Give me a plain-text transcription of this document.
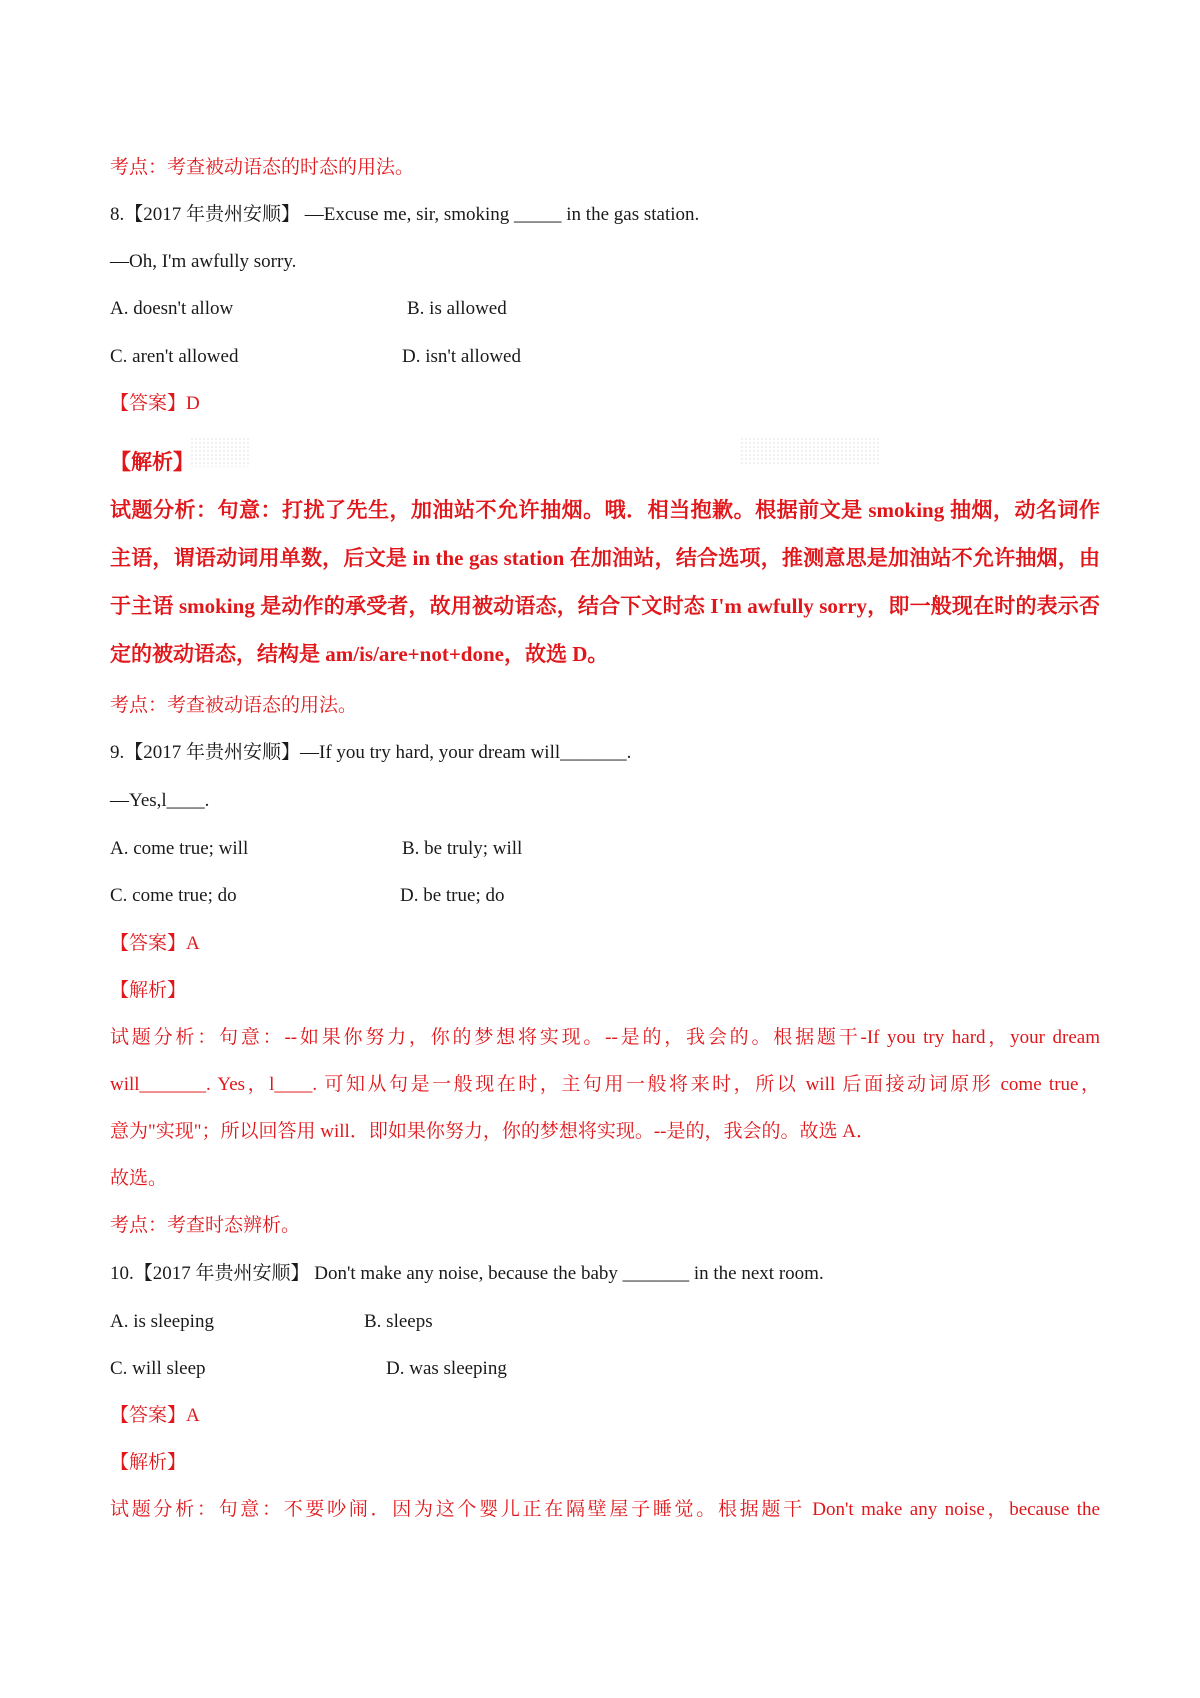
考点：考查被动语态的时态的用法。
8.【2017 年贵州安顺】 —Excuse me, sir, smoking _____ in the gas station.
—Oh, I'm awfully sorry.
A. doesn't allow	B. is allowed
C. aren't allowed	D. isn't allowed
【答案】D
【解析】
试题分析：句意：打扰了先生，加油站不允许抽烟。哦．相当抱歉。根据前文是 smoking 抽烟，动名词作
主语，谓语动词用单数，后文是 in the gas station 在加油站，结合选项，推测意思是加油站不允许抽烟，由
于主语 smoking 是动作的承受者，故用被动语态，结合下文时态 I'm awfully sorry，即一般现在时的表示否
定的被动语态，结构是 am/is/are+not+done，故选 D。
考点：考查被动语态的用法。
9.【2017 年贵州安顺】—If you try hard, your dream will_______.
—Yes,l____.
A. come true; will	B. be truly; will
C. come true; do	D. be true; do
【答案】A
【解析】
试题分析：句意：--如果你努力，你的梦想将实现。--是的，我会的。根据题干-If you try hard，your dream
will_______. Yes，l____. 可知从句是一般现在时，主句用一般将来时，所以 will 后面接动词原形 come true，
意为"实现"；所以回答用 will．即如果你努力，你的梦想将实现。--是的，我会的。故选 A．
故选。
考点：考查时态辨析。
10.【2017 年贵州安顺】 Don't make any noise, because the baby _______ in the next room.
A. is sleeping	B. sleeps
C. will sleep	D. was sleeping
【答案】A
【解析】
试题分析：句意：不要吵闹．因为这个婴儿正在隔壁屋子睡觉。根据题干 Don't make any noise，because the
